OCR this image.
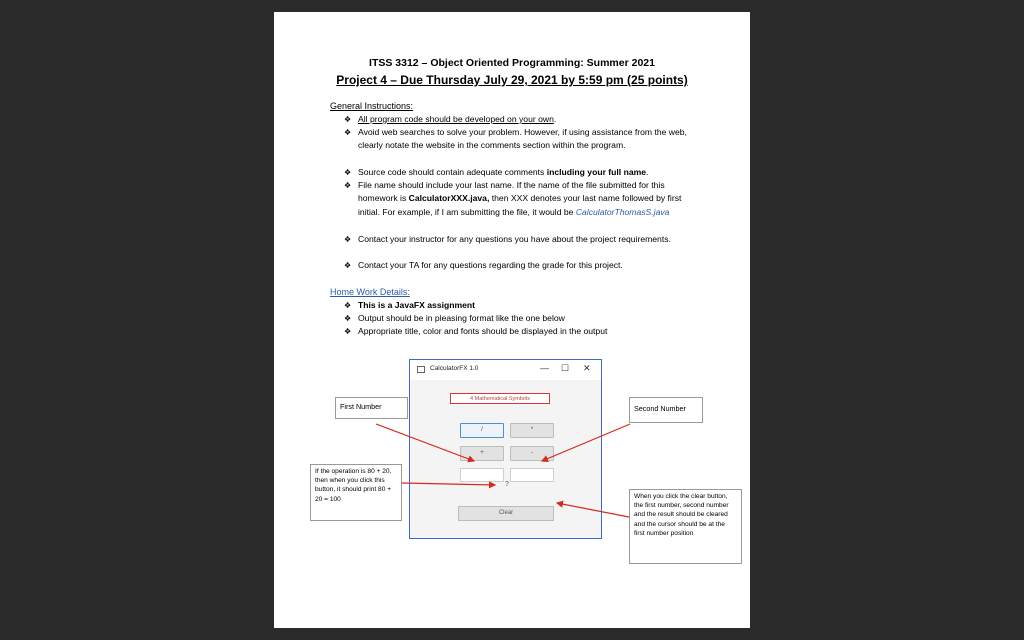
ITSS 3312 – Object Oriented Programming: Summer 2021
Project 4 – Due Thursday July 29, 2021 by 5:59 pm (25 points)
General Instructions:
❖ All program code should be developed on your own.
❖ Avoid web searches to solve your problem. However, if using assistance from the web, clearly notate the website in the comments section within the program.
❖ Source code should contain adequate comments including your full name.
❖ File name should include your last name. If the name of the file submitted for this homework is CalculatorXXX.java, then XXX denotes your last name followed by first initial. For example, if I am submitting the file, it would be CalculatorThomasS.java
❖ Contact your instructor for any questions you have about the project requirements.
❖ Contact your TA for any questions regarding the grade for this project.
Home Work Details:
❖ This is a JavaFX assignment
❖ Output should be in pleasing format like the one below
❖ Appropriate title, color and fonts should be displayed in the output
CalculatorFX 1.0	— ☐ ✕
4 Mathematical Symbols
/	*
+	-
?
Clear
First Number	Second Number
If the operation is 80 + 20, then when you click this button, it should print 80 + 20 = 100	When you click the clear button, the first number, second number and the result should be cleared and the cursor should be at the first number position
